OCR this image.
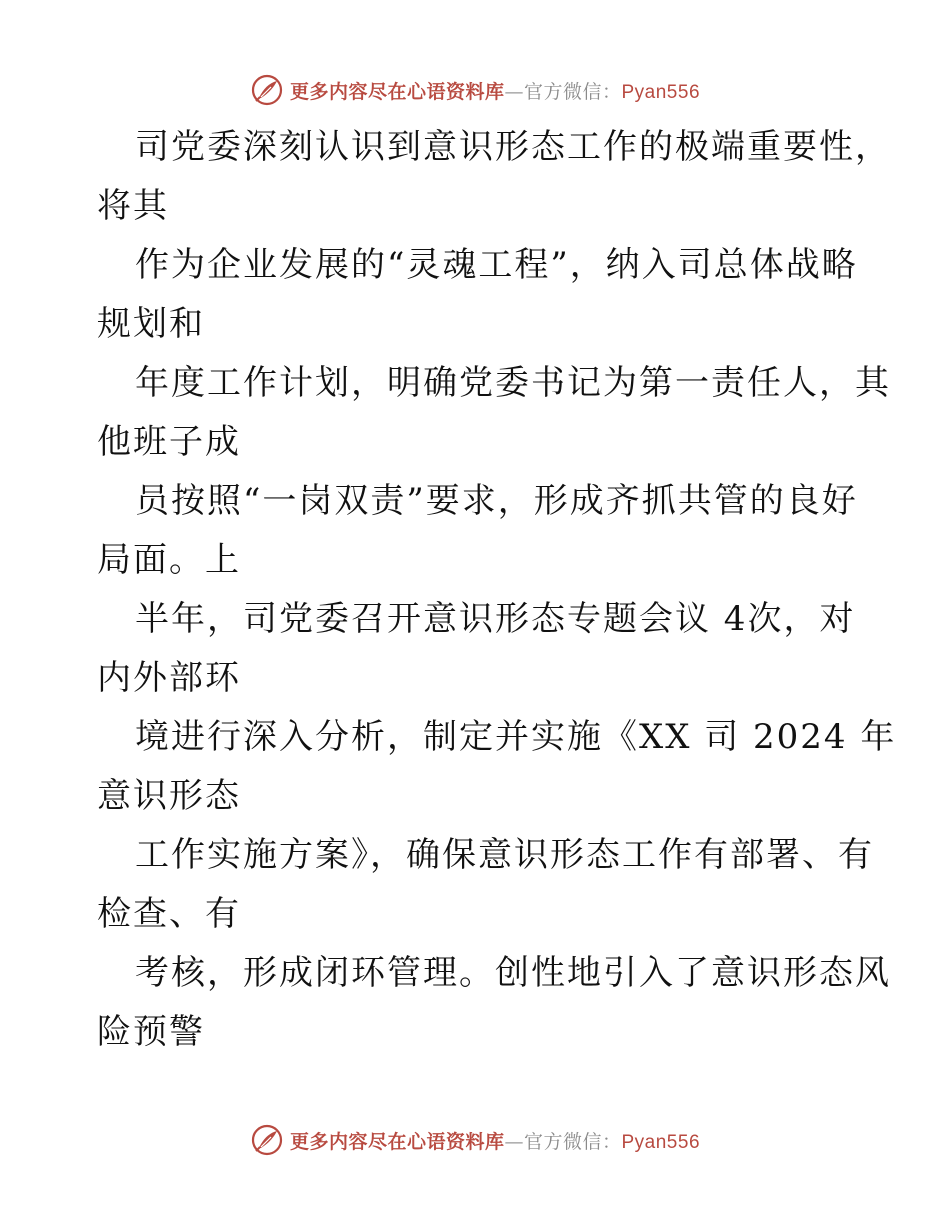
更多内容尽在心语资料库—官方微信：Pyan556
司党委深刻认识到意识形态工作的极端重要性，
将其
作为企业发展的“灵魂工程”，纳入司总体战略
规划和
年度工作计划，明确党委书记为第一责任人，其
他班子成
员按照“一岗双责”要求，形成齐抓共管的良好
局面。上
半年，司党委召开意识形态专题会议 4次，对
内外部环
境进行深入分析，制定并实施《XX 司 2024 年
意识形态
工作实施方案》，确保意识形态工作有部署、有
检查、有
考核，形成闭环管理。创性地引入了意识形态风
险预警
更多内容尽在心语资料库—官方微信：Pyan556
